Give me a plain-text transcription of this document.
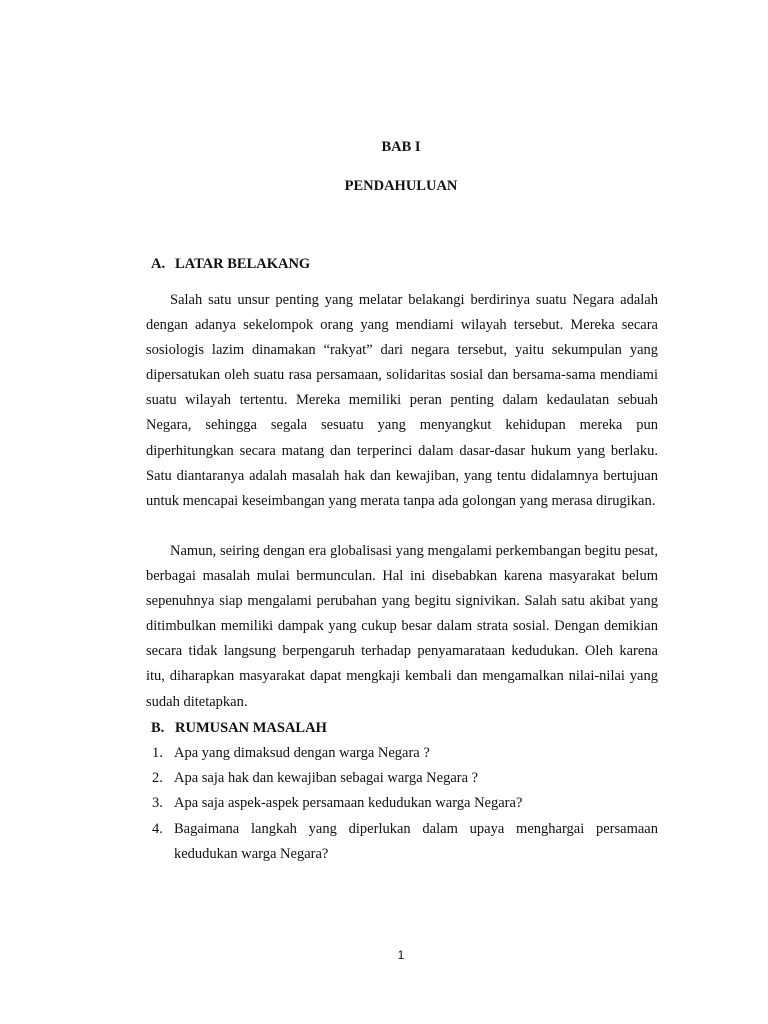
BAB I
PENDAHULUAN
A. LATAR BELAKANG

Salah satu unsur penting yang melatar belakangi berdirinya suatu Negara adalah dengan adanya sekelompok orang yang mendiami wilayah tersebut. Mereka secara sosiologis lazim dinamakan “rakyat” dari negara tersebut, yaitu sekumpulan yang dipersatukan oleh suatu rasa persamaan, solidaritas sosial dan bersama-sama mendiami suatu wilayah tertentu. Mereka memiliki peran penting dalam kedaulatan sebuah Negara, sehingga segala sesuatu yang menyangkut kehidupan mereka pun diperhitungkan secara matang dan terperinci dalam dasar-dasar hukum yang berlaku. Satu diantaranya adalah masalah hak dan kewajiban, yang tentu didalamnya bertujuan untuk mencapai keseimbangan yang merata tanpa ada golongan yang merasa dirugikan.

Namun, seiring dengan era globalisasi yang mengalami perkembangan begitu pesat, berbagai masalah mulai bermunculan. Hal ini disebabkan karena masyarakat belum sepenuhnya siap mengalami perubahan yang begitu signivikan. Salah satu akibat yang ditimbulkan memiliki dampak yang cukup besar dalam strata sosial. Dengan demikian secara tidak langsung berpengaruh terhadap penyamarataan kedudukan. Oleh karena itu, diharapkan masyarakat dapat mengkaji kembali dan mengamalkan nilai-nilai yang sudah ditetapkan.

B. RUMUSAN MASALAH
1. Apa yang dimaksud dengan warga Negara ?
2. Apa saja hak dan kewajiban sebagai warga Negara ?
3. Apa saja aspek-aspek persamaan kedudukan warga Negara?
4. Bagaimana langkah yang diperlukan dalam upaya menghargai persamaan kedudukan warga Negara?
1
